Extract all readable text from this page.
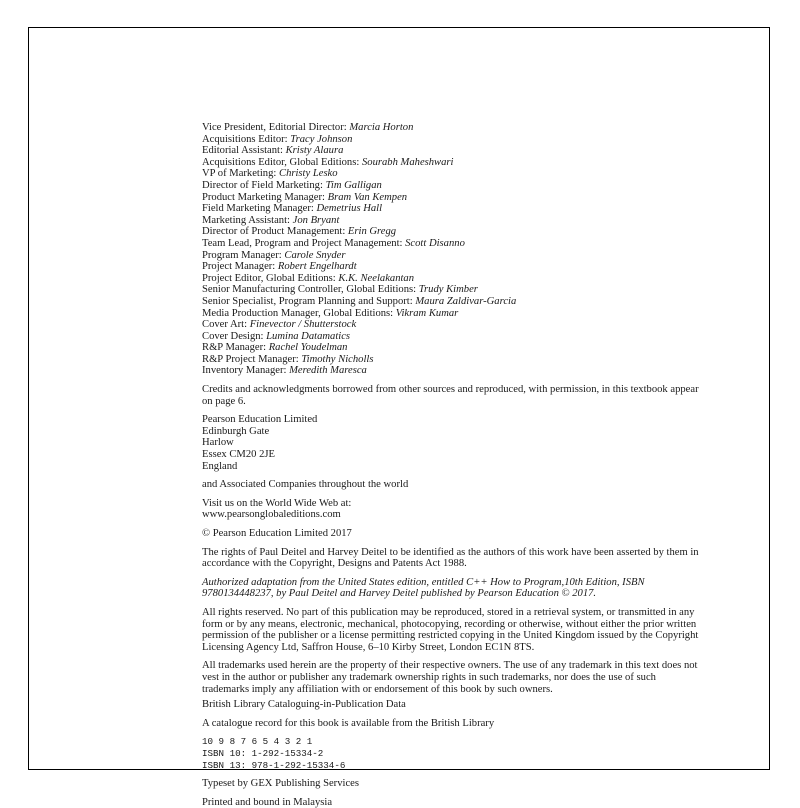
Vice President, Editorial Director: Marcia Horton
Acquisitions Editor: Tracy Johnson
Editorial Assistant: Kristy Alaura
Acquisitions Editor, Global Editions: Sourabh Maheshwari
VP of Marketing: Christy Lesko
Director of Field Marketing: Tim Galligan
Product Marketing Manager: Bram Van Kempen
Field Marketing Manager: Demetrius Hall
Marketing Assistant: Jon Bryant
Director of Product Management: Erin Gregg
Team Lead, Program and Project Management: Scott Disanno
Program Manager: Carole Snyder
Project Manager: Robert Engelhardt
Project Editor, Global Editions: K.K. Neelakantan
Senior Manufacturing Controller, Global Editions: Trudy Kimber
Senior Specialist, Program Planning and Support: Maura Zaldivar-Garcia
Media Production Manager, Global Editions: Vikram Kumar
Cover Art: Finevector / Shutterstock
Cover Design: Lumina Datamatics
R&P Manager: Rachel Youdelman
R&P Project Manager: Timothy Nicholls
Inventory Manager: Meredith Maresca

Credits and acknowledgments borrowed from other sources and reproduced, with permission, in this textbook appear on page 6.

Pearson Education Limited
Edinburgh Gate
Harlow
Essex CM20 2JE
England

and Associated Companies throughout the world

Visit us on the World Wide Web at:
www.pearsonglobaleditions.com

© Pearson Education Limited 2017

The rights of Paul Deitel and Harvey Deitel to be identified as the authors of this work have been asserted by them in accordance with the Copyright, Designs and Patents Act 1988.

Authorized adaptation from the United States edition, entitled C++ How to Program,10th Edition, ISBN 9780134448237, by Paul Deitel and Harvey Deitel published by Pearson Education © 2017.

All rights reserved. No part of this publication may be reproduced, stored in a retrieval system, or transmitted in any form or by any means, electronic, mechanical, photocopying, recording or otherwise, without either the prior written permission of the publisher or a license permitting restricted copying in the United Kingdom issued by the Copyright Licensing Agency Ltd, Saffron House, 6–10 Kirby Street, London EC1N 8TS.

All trademarks used herein are the property of their respective owners. The use of any trademark in this text does not vest in the author or publisher any trademark ownership rights in such trademarks, nor does the use of such trademarks imply any affiliation with or endorsement of this book by such owners.

British Library Cataloguing-in-Publication Data

A catalogue record for this book is available from the British Library

10 9 8 7 6 5 4 3 2 1
ISBN 10: 1-292-15334-2
ISBN 13: 978-1-292-15334-6

Typeset by GEX Publishing Services

Printed and bound in Malaysia
